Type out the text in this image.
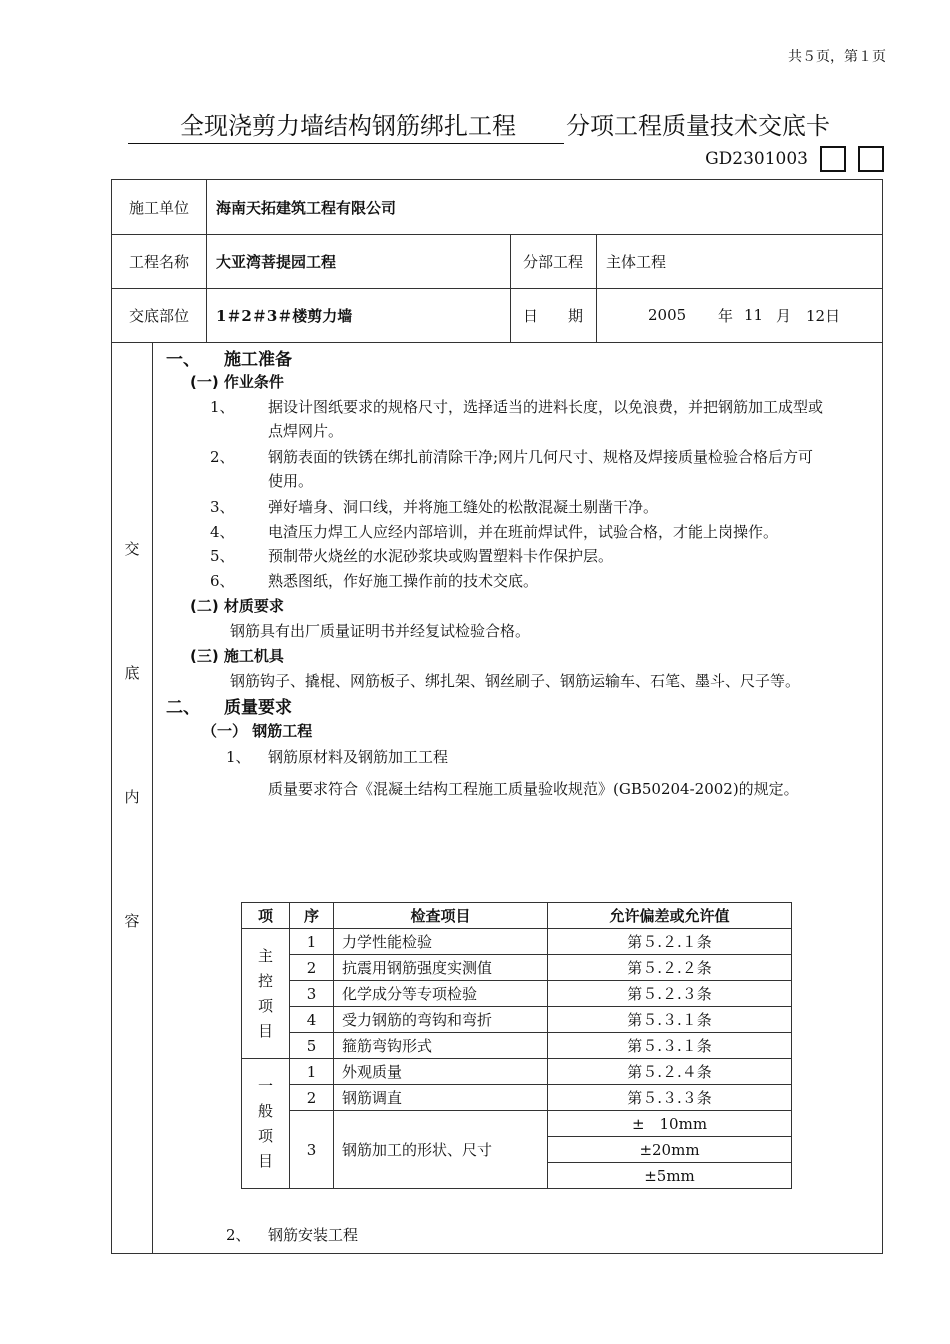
共５页，第１页
全现浇剪力墙结构钢筋绑扎工程 分项工程质量技术交底卡
GD2301003
施工单位	海南天拓建筑工程有限公司
工程名称	大亚湾菩提园工程	分部工程	主体工程
交底部位	1＃2＃3＃楼剪力墙	日　　期	2005 年 11 月 12日
交
底
内
容
一、 施工准备
(一) 作业条件
1、 据设计图纸要求的规格尺寸，选择适当的进料长度，以免浪费，并把钢筋加工成型或
点焊网片。
2、 钢筋表面的铁锈在绑扎前清除干净;网片几何尺寸、规格及焊接质量检验合格后方可
使用。
3、 弹好墙身、洞口线，并将施工缝处的松散混凝土剔凿干净。
4、 电渣压力焊工人应经内部培训，并在班前焊试件，试验合格，才能上岗操作。
5、 预制带火烧丝的水泥砂浆块或购置塑料卡作保护层。
6、 熟悉图纸，作好施工操作前的技术交底。
(二) 材质要求
钢筋具有出厂质量证明书并经复试检验合格。
(三) 施工机具
钢筋钩子、撬棍、网筋板子、绑扎架、钢丝刷子、钢筋运输车、石笔、墨斗、尺子等。
二、 质量要求
（一） 钢筋工程
1、 钢筋原材料及钢筋加工工程
质量要求符合《混凝土结构工程施工质量验收规范》(GB50204-2002)的规定。
项	序	检查项目	允许偏差或允许值

主
控
项
目	1	力学性能检验	第５.２.１条
	2	抗震用钢筋强度实测值	第５.２.２条
	3	化学成分等专项检验	第５.２.３条
	4	受力钢筋的弯钩和弯折	第５.３.１条
	5	箍筋弯钩形式	第５.３.１条

一
般
项
目	1	外观质量	第５.２.４条
	2	钢筋调直	第５.３.３条
	3	钢筋加工的形状、尺寸	±　10mm
			±20mm
			±5mm
2、 钢筋安装工程
